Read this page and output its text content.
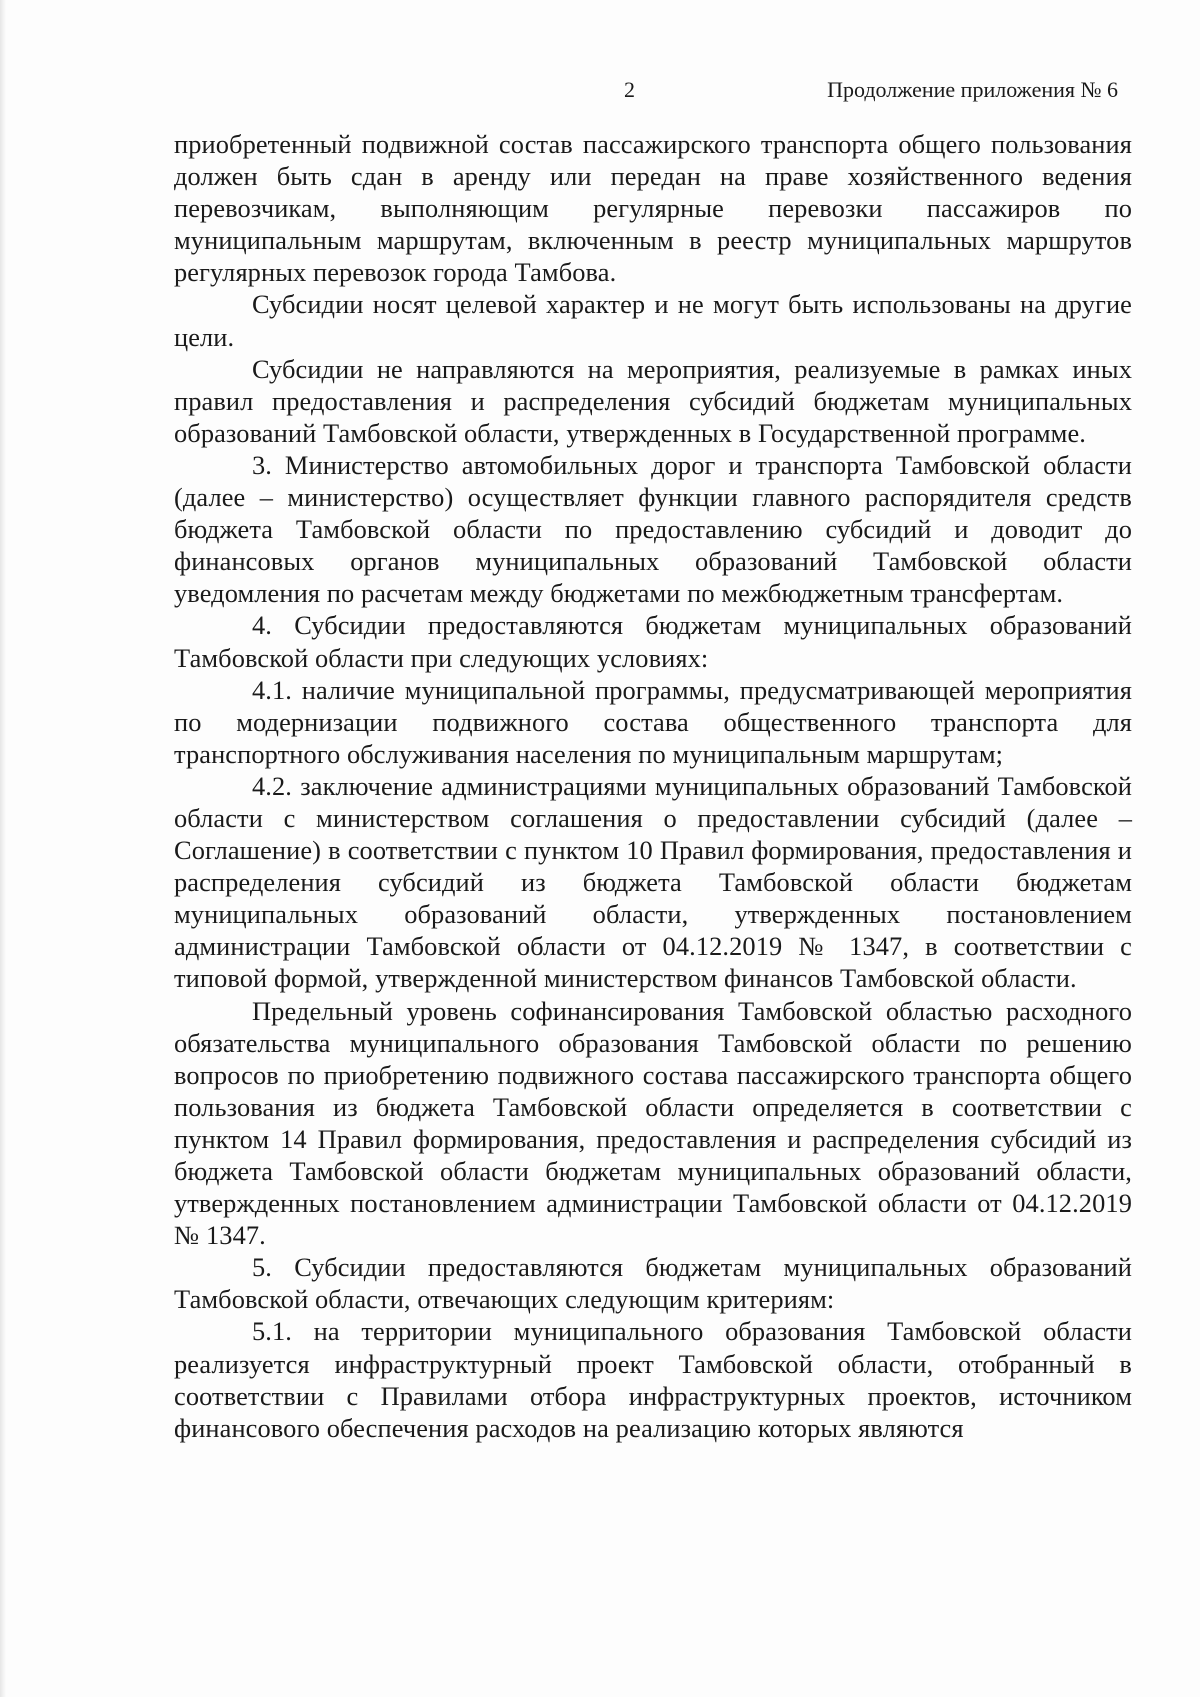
2	Продолжение приложения № 6

приобретенный подвижной состав пассажирского транспорта общего пользования должен быть сдан в аренду или передан на праве хозяйственного ведения перевозчикам, выполняющим регулярные перевозки пассажиров по муниципальным маршрутам, включенным в реестр муниципальных маршрутов регулярных перевозок города Тамбова.

Субсидии носят целевой характер и не могут быть использованы на другие цели.

Субсидии не направляются на мероприятия, реализуемые в рамках иных правил предоставления и распределения субсидий бюджетам муниципальных образований Тамбовской области, утвержденных в Государственной программе.

3. Министерство автомобильных дорог и транспорта Тамбовской области (далее – министерство) осуществляет функции главного распорядителя средств бюджета Тамбовской области по предоставлению субсидий и доводит до финансовых органов муниципальных образований Тамбовской области уведомления по расчетам между бюджетами по межбюджетным трансфертам.

4. Субсидии предоставляются бюджетам муниципальных образований Тамбовской области при следующих условиях:

4.1. наличие муниципальной программы, предусматривающей мероприятия по модернизации подвижного состава общественного транспорта для транспортного обслуживания населения по муниципальным маршрутам;

4.2. заключение администрациями муниципальных образований Тамбовской области с министерством соглашения о предоставлении субсидий (далее – Соглашение) в соответствии с пунктом 10 Правил формирования, предоставления и распределения субсидий из бюджета Тамбовской области бюджетам муниципальных образований области, утвержденных постановлением администрации Тамбовской области от 04.12.2019 № 1347, в соответствии с типовой формой, утвержденной министерством финансов Тамбовской области.

Предельный уровень софинансирования Тамбовской областью расходного обязательства муниципального образования Тамбовской области по решению вопросов по приобретению подвижного состава пассажирского транспорта общего пользования из бюджета Тамбовской области определяется в соответствии с пунктом 14 Правил формирования, предоставления и распределения субсидий из бюджета Тамбовской области бюджетам муниципальных образований области, утвержденных постановлением администрации Тамбовской области от 04.12.2019 № 1347.

5. Субсидии предоставляются бюджетам муниципальных образований Тамбовской области, отвечающих следующим критериям:

5.1. на территории муниципального образования Тамбовской области реализуется инфраструктурный проект Тамбовской области, отобранный в соответствии с Правилами отбора инфраструктурных проектов, источником финансового обеспечения расходов на реализацию которых являются
